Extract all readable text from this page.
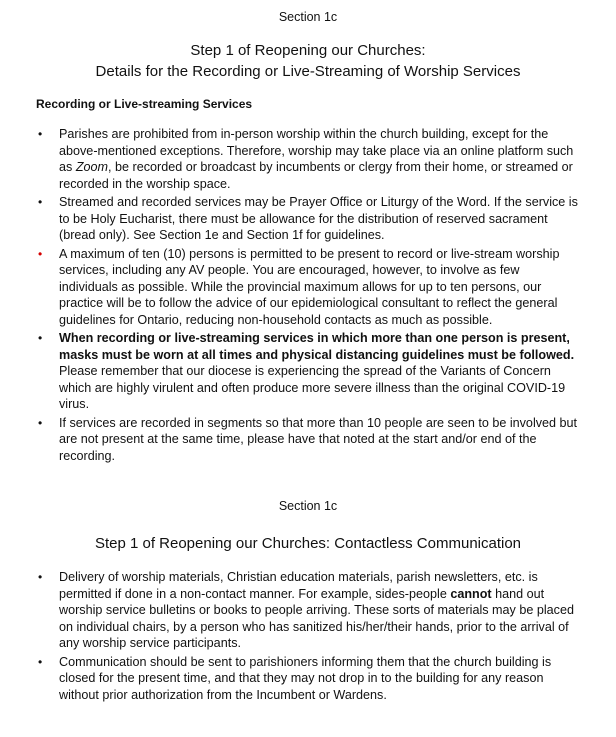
Section 1c
Step 1 of Reopening our Churches:
Details for the Recording or Live-Streaming of Worship Services
Recording or Live-streaming Services
• Parishes are prohibited from in-person worship within the church building, except for the above-mentioned exceptions. Therefore, worship may take place via an online platform such as Zoom, be recorded or broadcast by incumbents or clergy from their home, or streamed or recorded in the worship space.
• Streamed and recorded services may be Prayer Office or Liturgy of the Word. If the service is to be Holy Eucharist, there must be allowance for the distribution of reserved sacrament (bread only). See Section 1e and Section 1f for guidelines.
• A maximum of ten (10) persons is permitted to be present to record or live-stream worship services, including any AV people. You are encouraged, however, to involve as few individuals as possible. While the provincial maximum allows for up to ten persons, our practice will be to follow the advice of our epidemiological consultant to reflect the general guidelines for Ontario, reducing non-household contacts as much as possible.
• When recording or live-streaming services in which more than one person is present, masks must be worn at all times and physical distancing guidelines must be followed. Please remember that our diocese is experiencing the spread of the Variants of Concern which are highly virulent and often produce more severe illness than the original COVID-19 virus.
• If services are recorded in segments so that more than 10 people are seen to be involved but are not present at the same time, please have that noted at the start and/or end of the recording.
Section 1c
Step 1 of Reopening our Churches: Contactless Communication
• Delivery of worship materials, Christian education materials, parish newsletters, etc. is permitted if done in a non-contact manner. For example, sides-people cannot hand out worship service bulletins or books to people arriving. These sorts of materials may be placed on individual chairs, by a person who has sanitized his/her/their hands, prior to the arrival of any worship service participants.
• Communication should be sent to parishioners informing them that the church building is closed for the present time, and that they may not drop in to the building for any reason without prior authorization from the Incumbent or Wardens.
